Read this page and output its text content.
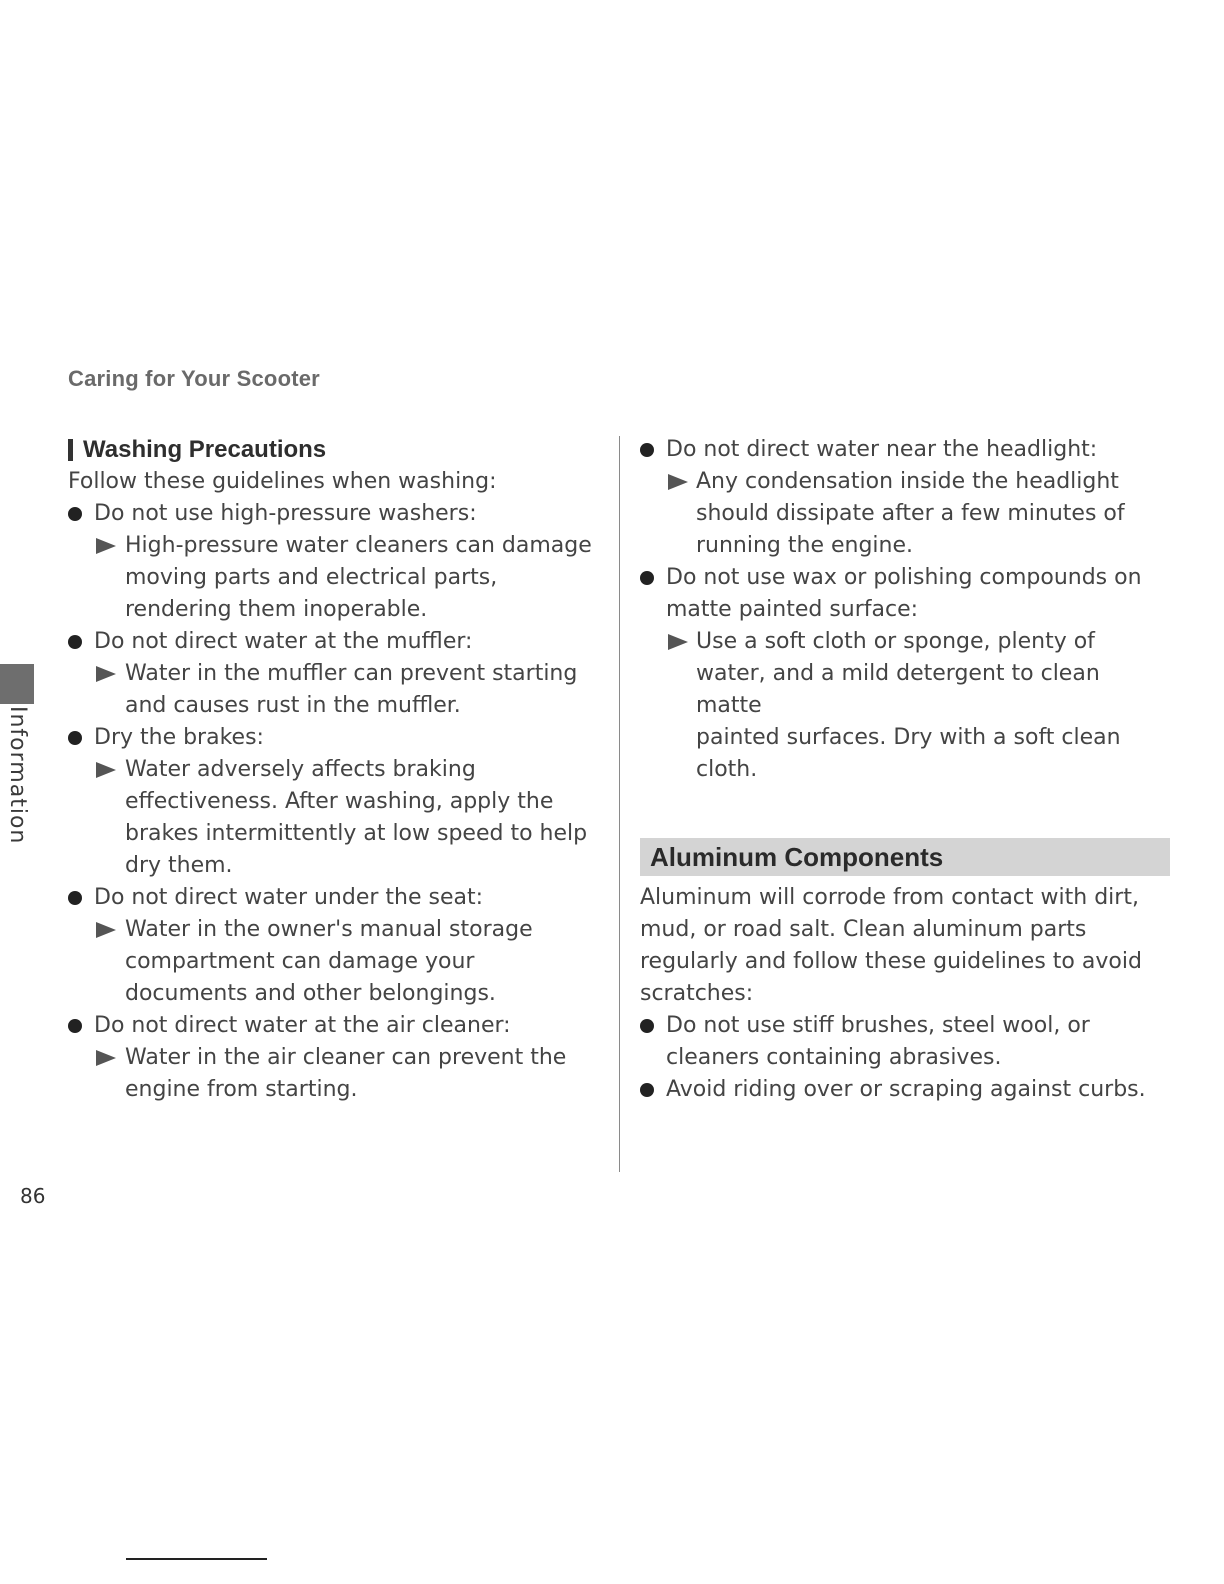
Caring for Your Scooter
Washing Precautions
Follow these guidelines when washing:
Do not use high-pressure washers:
High-pressure water cleaners can damage
moving parts and electrical parts,
rendering them inoperable.
Do not direct water at the muffler:
Water in the muffler can prevent starting
and causes rust in the muffler.
Dry the brakes:
Water adversely affects braking
effectiveness. After washing, apply the
brakes intermittently at low speed to help
dry them.
Do not direct water under the seat:
Water in the owner's manual storage
compartment can damage your
documents and other belongings.
Do not direct water at the air cleaner:
Water in the air cleaner can prevent the
engine from starting.
Do not direct water near the headlight:
Any condensation inside the headlight
should dissipate after a few minutes of
running the engine.
Do not use wax or polishing compounds on
matte painted surface:
Use a soft cloth or sponge, plenty of
water, and a mild detergent to clean matte
painted surfaces. Dry with a soft clean
cloth.
Aluminum Components
Aluminum will corrode from contact with dirt,
mud, or road salt. Clean aluminum parts
regularly and follow these guidelines to avoid
scratches:
Do not use stiff brushes, steel wool, or
cleaners containing abrasives.
Avoid riding over or scraping against curbs.
Information
86
